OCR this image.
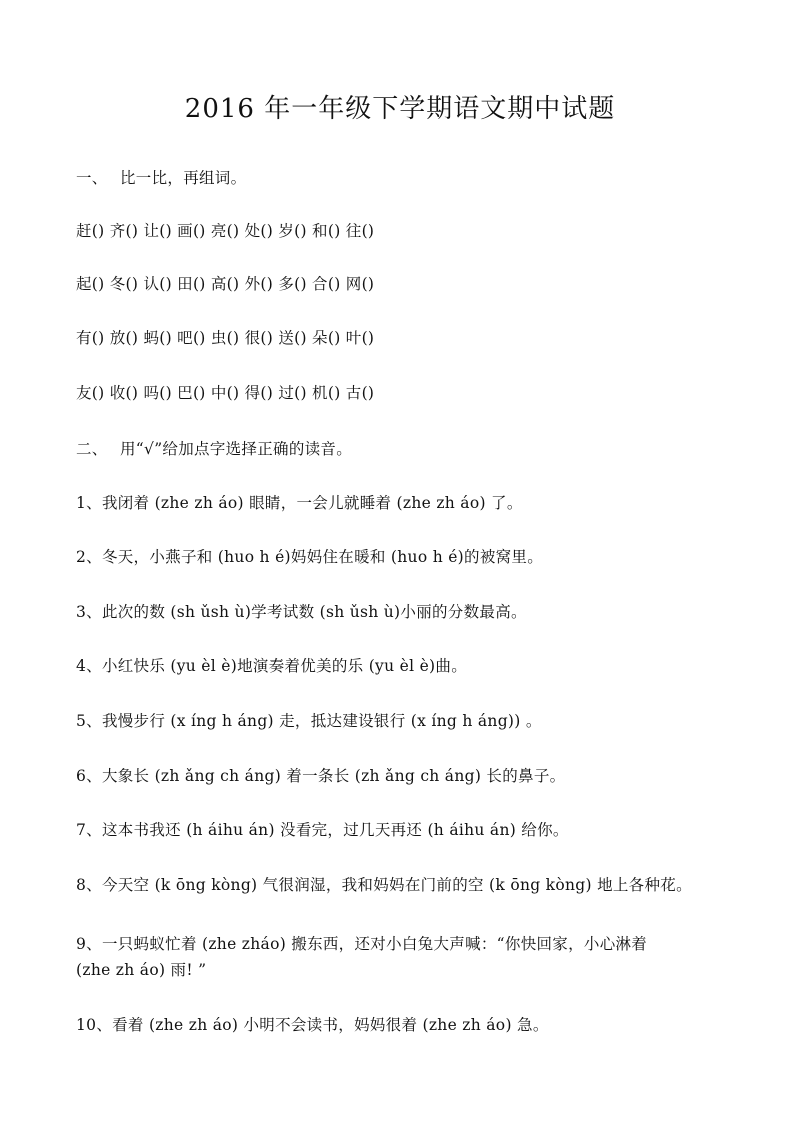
2016 年一年级下学期语文期中试题
一、 比一比，再组词。
赶() 齐() 让() 画() 亮() 处() 岁() 和() 往()
起() 冬() 认() 田() 高() 外() 多() 合() 网()
有() 放() 蚂() 吧() 虫() 很() 送() 朵() 叶()
友() 收() 吗() 巴() 中() 得() 过() 机() 古()
二、 用“√”给加点字选择正确的读音。
1、我闭着 (zhe zh áo) 眼睛，一会儿就睡着 (zhe zh áo) 了。
2、冬天，小燕子和 (huo h é)妈妈住在暖和 (huo h é)的被窝里。
3、此次的数 (sh ǔsh ù)学考试数 (sh ǔsh ù)小丽的分数最高。
4、小红快乐 (yu èl è)地演奏着优美的乐 (yu èl è)曲。
5、我慢步行 (x íng h áng) 走，抵达建设银行 (x íng h áng)) 。
6、大象长 (zh ǎng ch áng) 着一条长 (zh ǎng ch áng) 长的鼻子。
7、这本书我还 (h áihu án) 没看完，过几天再还 (h áihu án) 给你。
8、今天空 (k ōng kòng) 气很润湿，我和妈妈在门前的空 (k ōng kòng) 地上各种花。
9、一只蚂蚁忙着 (zhe zháo) 搬东西，还对小白兔大声喊：“你快回家，小心淋着
(zhe zh áo) 雨! ”
10、看着 (zhe zh áo) 小明不会读书，妈妈很着 (zhe zh áo) 急。
